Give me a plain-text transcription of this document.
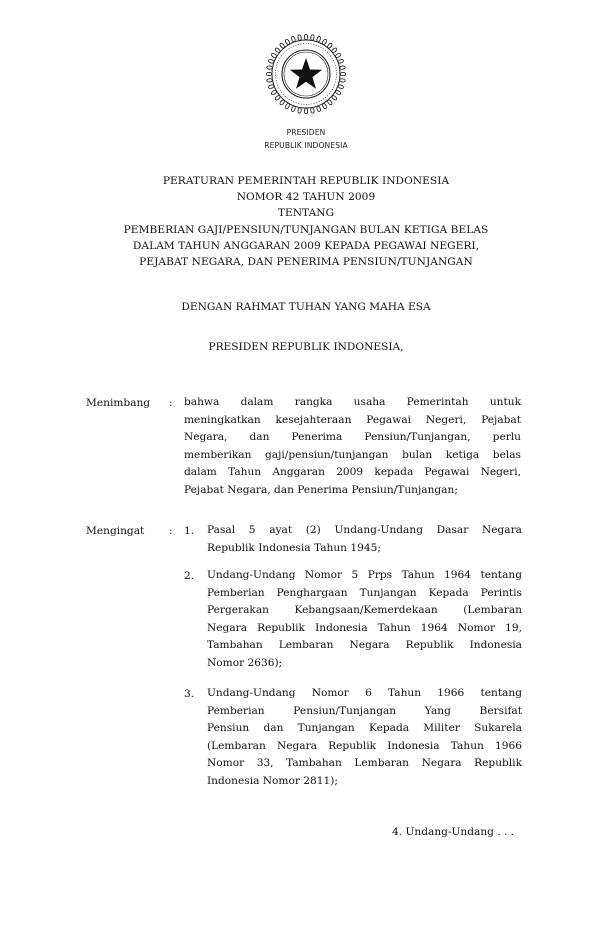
PRESIDEN
REPUBLIK INDONESIA
PERATURAN PEMERINTAH REPUBLIK INDONESIA
NOMOR 42 TAHUN 2009
TENTANG
PEMBERIAN GAJI/PENSIUN/TUNJANGAN BULAN KETIGA BELAS
DALAM TAHUN ANGGARAN 2009 KEPADA PEGAWAI NEGERI,
PEJABAT NEGARA, DAN PENERIMA PENSIUN/TUNJANGAN
DENGAN RAHMAT TUHAN YANG MAHA ESA
PRESIDEN REPUBLIK INDONESIA,
Menimbang : bahwa dalam rangka usaha Pemerintah untuk
meningkatkan kesejahteraan Pegawai Negeri, Pejabat
Negara, dan Penerima Pensiun/Tunjangan, perlu
memberikan gaji/pensiun/tunjangan bulan ketiga belas
dalam Tahun Anggaran 2009 kepada Pegawai Negeri,
Pejabat Negara, dan Penerima Pensiun/Tunjangan;
Mengingat : 1. Pasal 5 ayat (2) Undang-Undang Dasar Negara
Republik Indonesia Tahun 1945;
2. Undang-Undang Nomor 5 Prps Tahun 1964 tentang
Pemberian Penghargaan Tunjangan Kepada Perintis
Pergerakan Kebangsaan/Kemerdekaan (Lembaran
Negara Republik Indonesia Tahun 1964 Nomor 19,
Tambahan Lembaran Negara Republik Indonesia
Nomor 2636);
3. Undang-Undang Nomor 6 Tahun 1966 tentang
Pemberian Pensiun/Tunjangan Yang Bersifat
Pensiun dan Tunjangan Kepada Militer Sukarela
(Lembaran Negara Republik Indonesia Tahun 1966
Nomor 33, Tambahan Lembaran Negara Republik
Indonesia Nomor 2811);
4. Undang-Undang . . .
